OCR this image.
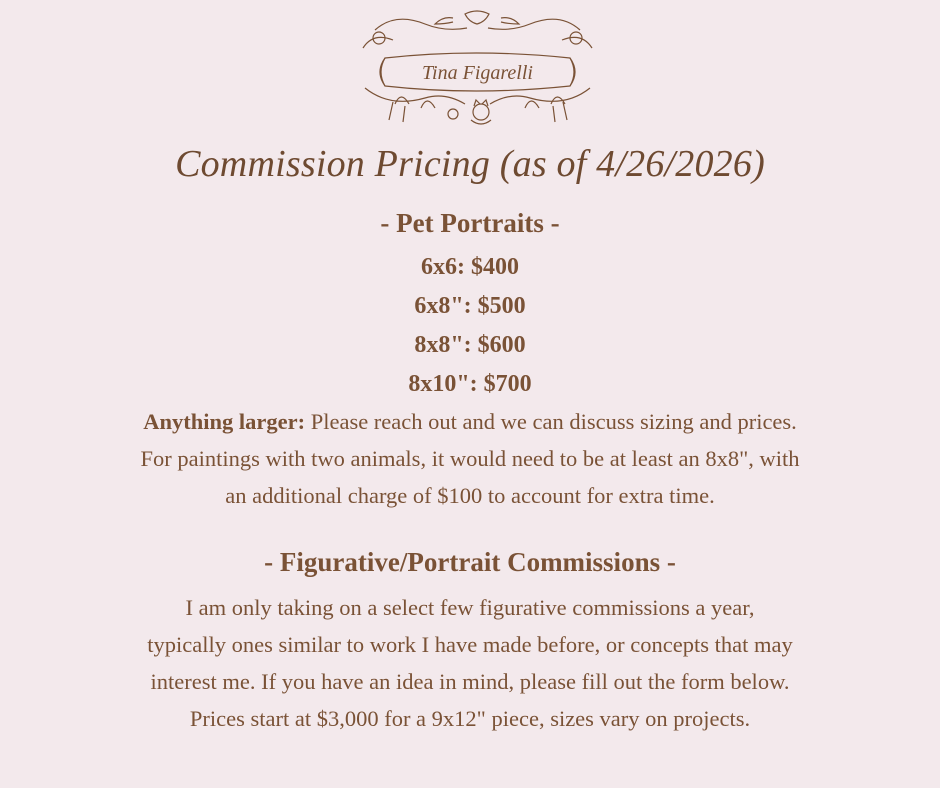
Tina Figarelli
Commission Pricing (as of 4/26/2026)
- Pet Portraits -
6x6: $400
6x8": $500
8x8": $600
8x10": $700
Anything larger: Please reach out and we can discuss sizing and prices.
For paintings with two animals, it would need to be at least an 8x8", with
an additional charge of $100 to account for extra time.
- Figurative/Portrait Commissions -
I am only taking on a select few figurative commissions a year,
typically ones similar to work I have made before, or concepts that may
interest me. If you have an idea in mind, please fill out the form below.
Prices start at $3,000 for a 9x12" piece, sizes vary on projects.
